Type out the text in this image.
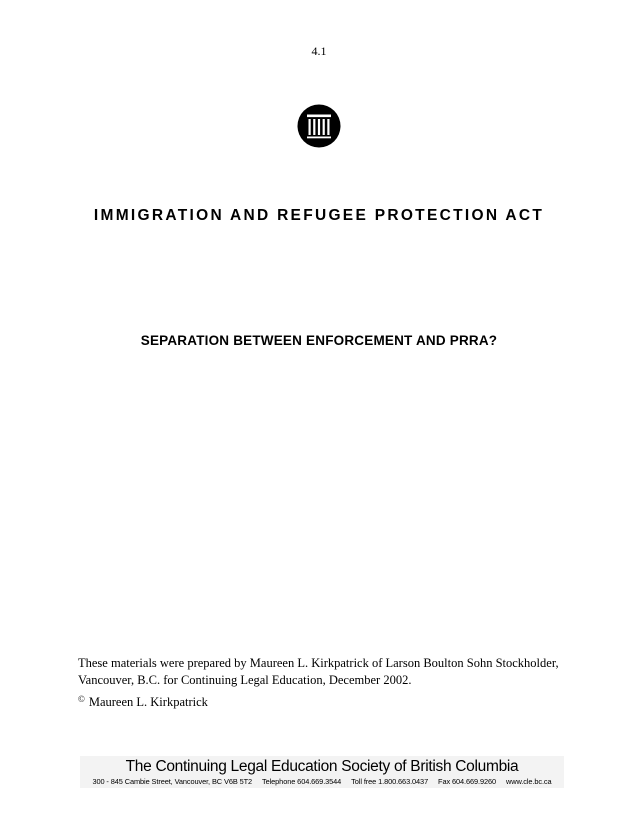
4.1
IMMIGRATION AND REFUGEE PROTECTION ACT
SEPARATION BETWEEN ENFORCEMENT AND PRRA?
These materials were prepared by Maureen L. Kirkpatrick of Larson Boulton Sohn Stockholder,
Vancouver, B.C. for Continuing Legal Education, December 2002.
© Maureen L. Kirkpatrick
The Continuing Legal Education Society of British Columbia
300 - 845 Cambie Street, Vancouver, BC V6B 5T2 Telephone 604.669.3544 Toll free 1.800.663.0437 Fax 604.669.9260 www.cle.bc.ca
